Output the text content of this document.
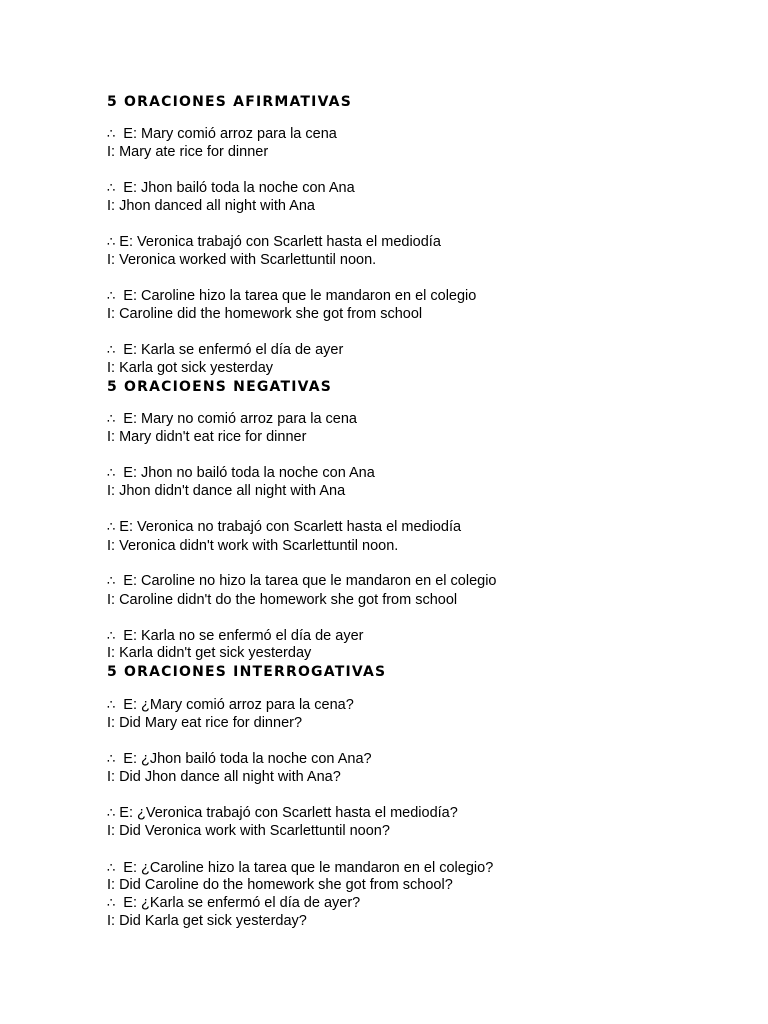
5 ORACIONES AFIRMATIVAS
∴ E: Mary comió arroz para la cena
I: Mary ate rice for dinner
∴ E: Jhon bailó toda la noche con Ana
I: Jhon danced all night with Ana
∴ E: Veronica trabajó con Scarlett hasta el mediodía
I: Veronica worked with Scarlettuntil noon.
∴ E: Caroline hizo la tarea que le mandaron en el colegio
I: Caroline did the homework she got from school
∴ E: Karla se enfermó el día de ayer
I: Karla got sick yesterday
5 ORACIOENS NEGATIVAS
∴ E: Mary no comió arroz para la cena
I: Mary didn't eat rice for dinner
∴ E: Jhon no bailó toda la noche con Ana
I: Jhon didn't dance all night with Ana
∴ E: Veronica no trabajó con Scarlett hasta el mediodía
I: Veronica didn't work with Scarlettuntil noon.
∴ E: Caroline no hizo la tarea que le mandaron en el colegio
I: Caroline didn't do the homework she got from school
∴ E: Karla no se enfermó el día de ayer
I: Karla didn't get sick yesterday
5 ORACIONES INTERROGATIVAS
∴ E: ¿Mary comió arroz para la cena?
I: Did Mary eat rice for dinner?
∴ E: ¿Jhon bailó toda la noche con Ana?
I: Did Jhon dance all night with Ana?
∴ E: ¿Veronica trabajó con Scarlett hasta el mediodía?
I: Did Veronica work with Scarlettuntil noon?
∴ E: ¿Caroline hizo la tarea que le mandaron en el colegio?
I: Did Caroline do the homework she got from school?
∴ E: ¿Karla se enfermó el día de ayer?
I: Did Karla get sick yesterday?
